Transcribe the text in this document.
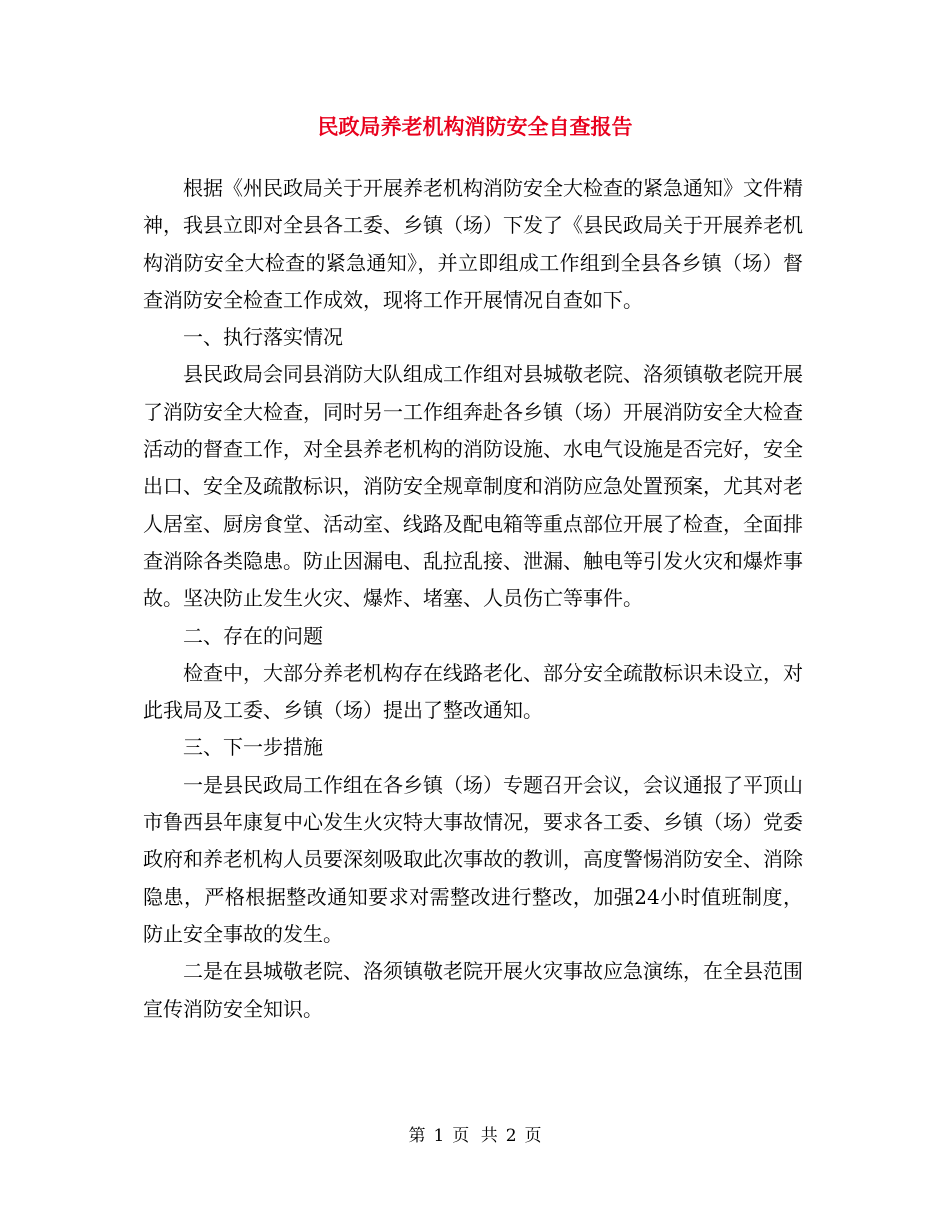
民政局养老机构消防安全自查报告

根据《州民政局关于开展养老机构消防安全大检查的紧急通知》文件精神，我县立即对全县各工委、乡镇（场）下发了《县民政局关于开展养老机构消防安全大检查的紧急通知》，并立即组成工作组到全县各乡镇（场）督查消防安全检查工作成效，现将工作开展情况自查如下。

一、执行落实情况

县民政局会同县消防大队组成工作组对县城敬老院、洛须镇敬老院开展了消防安全大检查，同时另一工作组奔赴各乡镇（场）开展消防安全大检查活动的督查工作，对全县养老机构的消防设施、水电气设施是否完好，安全出口、安全及疏散标识，消防安全规章制度和消防应急处置预案，尤其对老人居室、厨房食堂、活动室、线路及配电箱等重点部位开展了检查，全面排查消除各类隐患。防止因漏电、乱拉乱接、泄漏、触电等引发火灾和爆炸事故。坚决防止发生火灾、爆炸、堵塞、人员伤亡等事件。

二、存在的问题

检查中，大部分养老机构存在线路老化、部分安全疏散标识未设立，对此我局及工委、乡镇（场）提出了整改通知。

三、下一步措施

一是县民政局工作组在各乡镇（场）专题召开会议，会议通报了平顶山市鲁西县年康复中心发生火灾特大事故情况，要求各工委、乡镇（场）党委政府和养老机构人员要深刻吸取此次事故的教训，高度警惕消防安全、消除隐患，严格根据整改通知要求对需整改进行整改，加强24小时值班制度，防止安全事故的发生。

二是在县城敬老院、洛须镇敬老院开展火灾事故应急演练，在全县范围宣传消防安全知识。

第 1 页 共 2 页
